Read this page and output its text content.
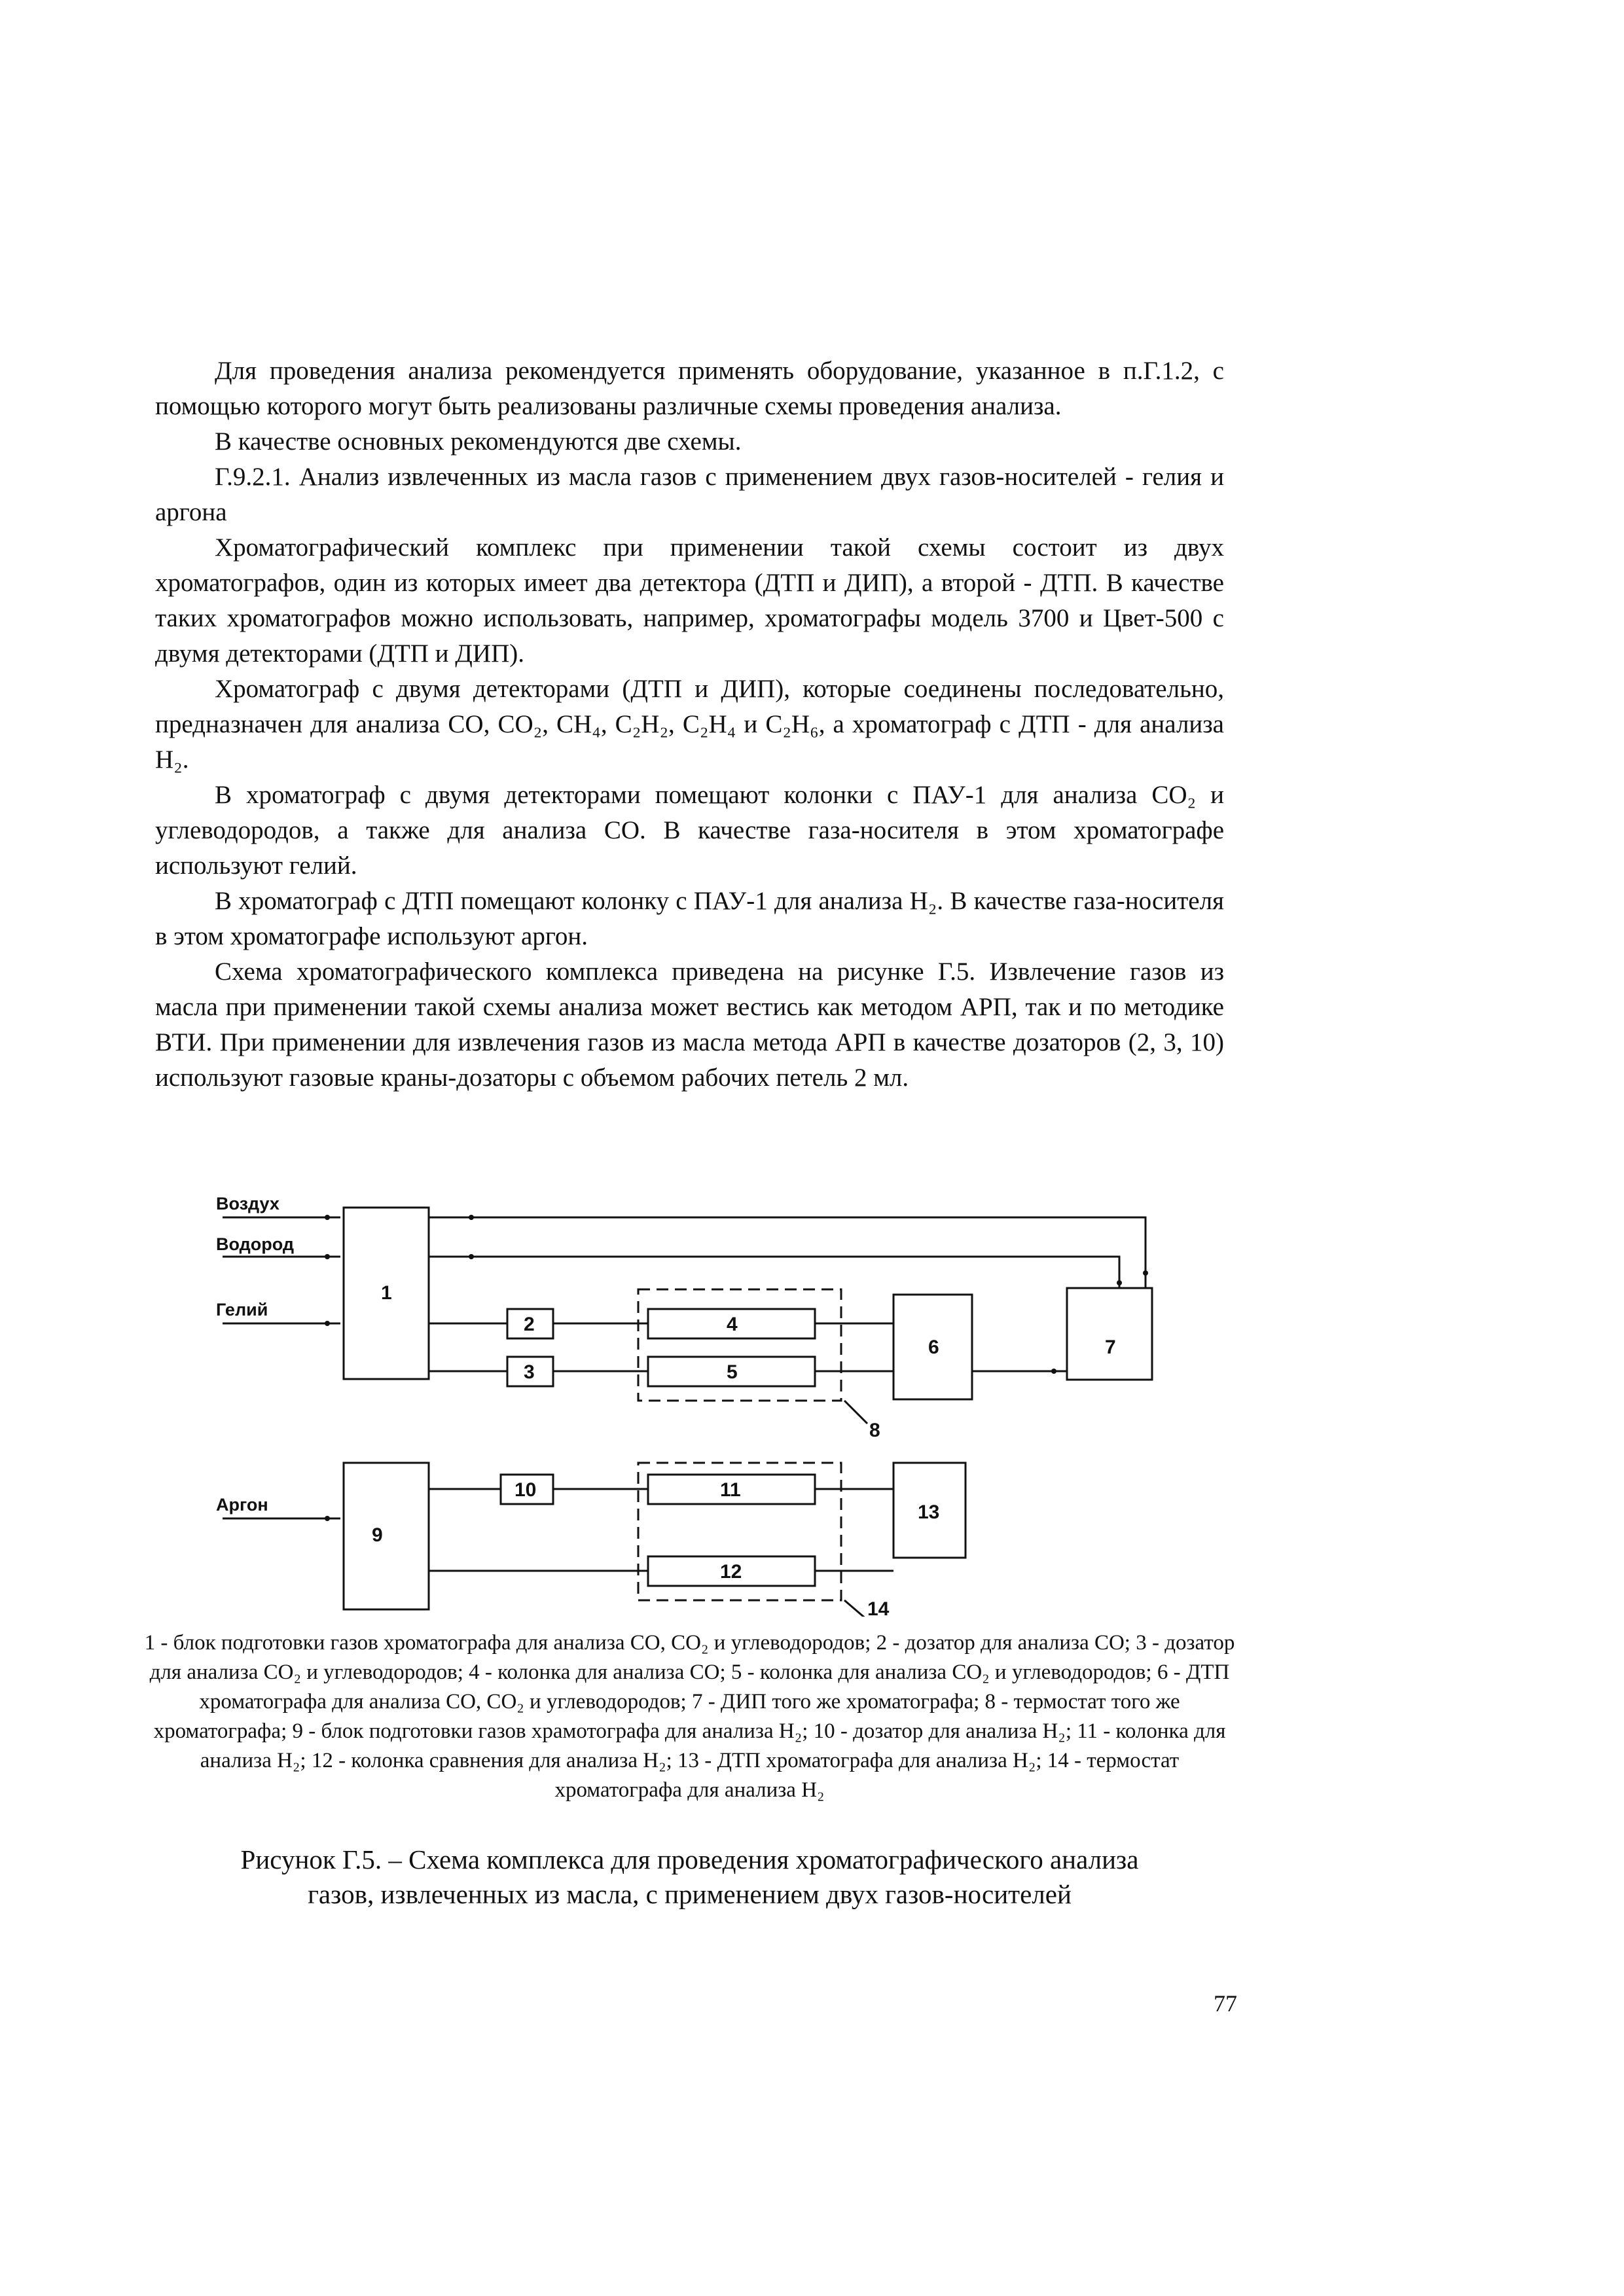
Для проведения анализа рекомендуется применять оборудование, указанное в п.Г.1.2, с помощью которого могут быть реализованы различные схемы проведения анализа.

В качестве основных рекомендуются две схемы.

Г.9.2.1. Анализ извлеченных из масла газов с применением двух газов-носителей - гелия и аргона

Хроматографический комплекс при применении такой схемы состоит из двух хроматографов, один из которых имеет два детектора (ДТП и ДИП), а второй - ДТП. В качестве таких хроматографов можно использовать, например, хроматографы модель 3700 и Цвет-500 с двумя детекторами (ДТП и ДИП).

Хроматограф с двумя детекторами (ДТП и ДИП), которые соединены последовательно, предназначен для анализа CO, CO₂, CH₄, C₂H₂, C₂H₄ и C₂H₆, а хроматограф с ДТП - для анализа H₂.

В хроматограф с двумя детекторами помещают колонки с ПАУ-1 для анализа CO₂ и углеводородов, а также для анализа CO. В качестве газа-носителя в этом хроматографе используют гелий.

В хроматограф с ДТП помещают колонку с ПАУ-1 для анализа H₂. В качестве газа-носителя в этом хроматографе используют аргон.

Схема хроматографического комплекса приведена на рисунке Г.5. Извлечение газов из масла при применении такой схемы анализа может вестись как методом АРП, так и по методике ВТИ. При применении для извлечения газов из масла метода АРП в качестве дозаторов (2, 3, 10) используют газовые краны-дозаторы с объемом рабочих петель 2 мл.

Воздух
Водород
Гелий
Аргон
1
2
3
4
5
6	7
8
9
10	11
12
13
14
1 - блок подготовки газов хроматографа для анализа CO, CO₂ и углеводородов; 2 - дозатор для анализа CO; 3 - дозатор для анализа CO₂ и углеводородов; 4 - колонка для анализа CO; 5 - колонка для анализа CO₂ и углеводородов; 6 - ДТП хроматографа для анализа CO, CO₂ и углеводородов; 7 - ДИП того же хроматографа; 8 - термостат того же хроматографа; 9 - блок подготовки газов храмотографа для анализа H₂; 10 - дозатор для анализа H₂; 11 - колонка для анализа H₂; 12 - колонка сравнения для анализа H₂; 13 - ДТП хроматографа для анализа H₂; 14 - термостат хроматографа для анализа H₂
Рисунок Г.5. – Схема комплекса для проведения хроматографического анализа
газов, извлеченных из масла, с применением двух газов-носителей
77
